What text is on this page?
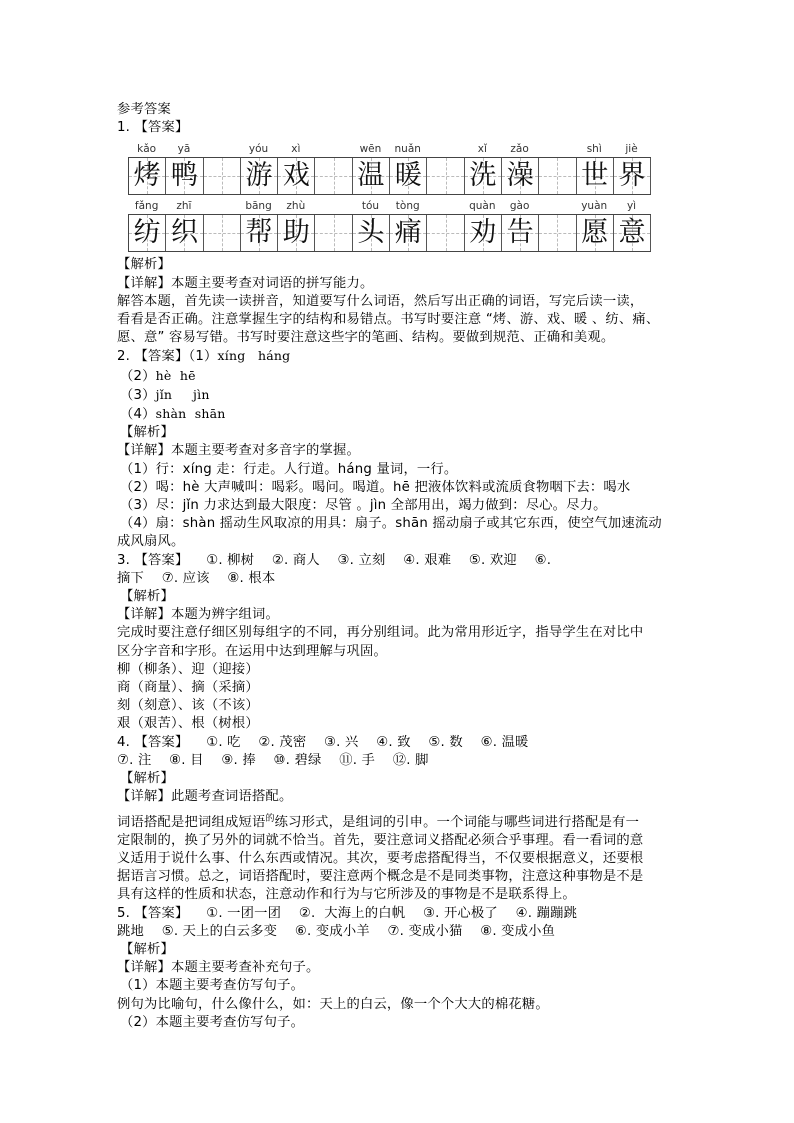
参考答案

1. 【答案】

kǎo	yā	yóu	xì	wēn	nuǎn	xǐ	zǎo	shì	jiè
烤 鸭 游 戏 温 暖 洗 澡 世 界
fǎng	zhī	bāng	zhù	tóu	tòng	quàn	gào	yuàn	yì
纺 织 帮 助 头 痛 劝 告 愿 意

【解析】

【详解】本题主要考查对词语的拼写能力。

解答本题，首先读一读拼音，知道要写什么词语，然后写出正确的词语，写完后读一读，

看看是否正确。注意掌握生字的结构和易错点。书写时要注意 “烤、游、戏、暖 、纺、痛、

愿、意” 容易写错。书写时要注意这些字的笔画、结构。要做到规范、正确和美观。

2. 【答案】（1）xíng   háng

（2）hè  hē

（3）jǐn     jìn

（4）shàn  shān

【解析】

【详解】本题主要考查对多音字的掌握。

（1）行：xíng 走：行走。人行道。háng 量词，一行。

（2）喝：hè 大声喊叫：喝彩。喝问。喝道。hē 把液体饮料或流质食物咽下去：喝水

（3）尽：jǐn 力求达到最大限度：尽管 。jìn 全部用出，竭力做到：尽心。尽力。

（4）扇：shàn 摇动生风取凉的用具：扇子。shān 摇动扇子或其它东西，使空气加速流动

成风扇风。

3. 【答案】    ①. 柳树    ②. 商人    ③. 立刻    ④. 艰难    ⑤. 欢迎    ⑥.

摘下    ⑦. 应该    ⑧. 根本

【解析】

【详解】本题为辨字组词。

完成时要注意仔细区别每组字的不同，再分别组词。此为常用形近字，指导学生在对比中

区分字音和字形。在运用中达到理解与巩固。

柳（柳条）、迎（迎接）

商（商量）、摘（采摘）

刻（刻意）、该（不该）

艰（艰苦）、根（树根）

4. 【答案】    ①. 吃    ②. 茂密    ③. 兴    ④. 致    ⑤. 数    ⑥. 温暖

⑦. 注    ⑧. 目    ⑨. 捧    ⑩. 碧绿    ⑪. 手    ⑫. 脚

【解析】

【详解】此题考查词语搭配。

词语搭配是把词组成短语$^的$练习形式，是组词的引申。一个词能与哪些词进行搭配是有一

定限制的，换了另外的词就不恰当。首先，要注意词义搭配必须合乎事理。看一看词的意

义适用于说什么事、什么东西或情况。其次，要考虑搭配得当，不仅要根据意义，还要根

据语言习惯。总之，词语搭配时，要注意两个概念是不是同类事物，注意这种事物是不是

具有这样的性质和状态，注意动作和行为与它所涉及的事物是不是联系得上。

5. 【答案】    ①. 一团一团    ②.  大海上的白帆    ③. 开心极了    ④. 蹦蹦跳

跳地    ⑤. 天上的白云多变    ⑥. 变成小羊    ⑦. 变成小猫    ⑧. 变成小鱼

【解析】

【详解】本题主要考查补充句子。

（1）本题主要考查仿写句子。

例句为比喻句，什么像什么，如：天上的白云，像一个个大大的棉花糖。

（2）本题主要考查仿写句子。
